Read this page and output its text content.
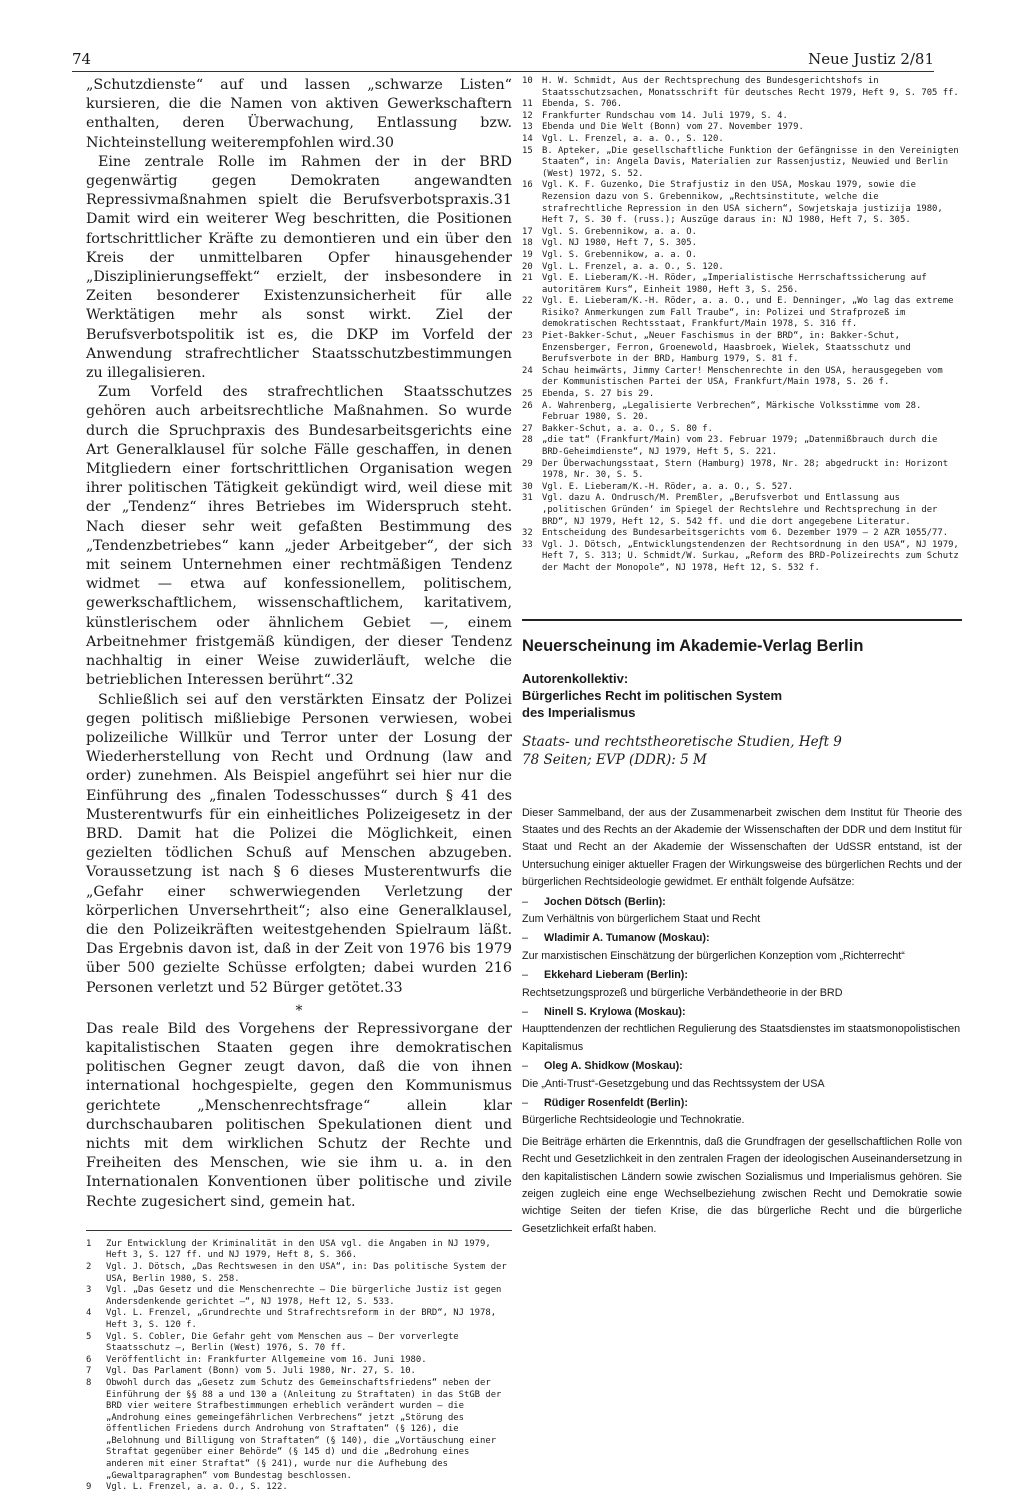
74	Neue Justiz 2/81

„Schutzdienste“ auf und lassen „schwarze Listen“ kursieren, die die Namen von aktiven Gewerkschaftern enthalten, deren Überwachung, Entlassung bzw. Nichteinstellung weiterempfohlen wird.30

Eine zentrale Rolle im Rahmen der in der BRD gegenwärtig gegen Demokraten angewandten Repressivmaßnahmen spielt die Berufsverbotspraxis.31 Damit wird ein weiterer Weg beschritten, die Positionen fortschrittlicher Kräfte zu demontieren und ein über den Kreis der unmittelbaren Opfer hinausgehender „Disziplinierungseffekt“ erzielt, der insbesondere in Zeiten besonderer Existenzunsicherheit für alle Werktätigen mehr als sonst wirkt. Ziel der Berufsverbotspolitik ist es, die DKP im Vorfeld der Anwendung strafrechtlicher Staatsschutzbestimmungen zu illegalisieren.

Zum Vorfeld des strafrechtlichen Staatsschutzes gehören auch arbeitsrechtliche Maßnahmen. So wurde durch die Spruchpraxis des Bundesarbeitsgerichts eine Art Generalklausel für solche Fälle geschaffen, in denen Mitgliedern einer fortschrittlichen Organisation wegen ihrer politischen Tätigkeit gekündigt wird, weil diese mit der „Tendenz“ ihres Betriebes im Widerspruch steht. Nach dieser sehr weit gefaßten Bestimmung des „Tendenzbetriebes“ kann „jeder Arbeitgeber“, der sich mit seinem Unternehmen einer rechtmäßigen Tendenz widmet — etwa auf konfessionellem, politischem, gewerkschaftlichem, wissenschaftlichem, karitativem, künstlerischem oder ähnlichem Gebiet —, einem Arbeitnehmer fristgemäß kündigen, der dieser Tendenz nachhaltig in einer Weise zuwiderläuft, welche die betrieblichen Interessen berührt“.32

Schließlich sei auf den verstärkten Einsatz der Polizei gegen politisch mißliebige Personen verwiesen, wobei polizeiliche Willkür und Terror unter der Losung der Wiederherstellung von Recht und Ordnung (law and order) zunehmen. Als Beispiel angeführt sei hier nur die Einführung des „finalen Todesschusses“ durch § 41 des Musterentwurfs für ein einheitliches Polizeigesetz in der BRD. Damit hat die Polizei die Möglichkeit, einen gezielten tödlichen Schuß auf Menschen abzugeben. Voraussetzung ist nach § 6 dieses Musterentwurfs die „Gefahr einer schwerwiegenden Verletzung der körperlichen Unversehrtheit“; also eine Generalklausel, die den Polizeikräften weitestgehenden Spielraum läßt. Das Ergebnis davon ist, daß in der Zeit von 1976 bis 1979 über 500 gezielte Schüsse erfolgten; dabei wurden 216 Personen verletzt und 52 Bürger getötet.33

*

Das reale Bild des Vorgehens der Repressivorgane der kapitalistischen Staaten gegen ihre demokratischen politischen Gegner zeugt davon, daß die von ihnen international hochgespielte, gegen den Kommunismus gerichtete „Menschenrechtsfrage“ allein klar durchschaubaren politischen Spekulationen dient und nichts mit dem wirklichen Schutz der Rechte und Freiheiten des Menschen, wie sie ihm u. a. in den Internationalen Konventionen über politische und zivile Rechte zugesichert sind, gemein hat.

1	Zur Entwicklung der Kriminalität in den USA vgl. die Angaben in NJ 1979, Heft 3, S. 127 ff. und NJ 1979, Heft 8, S. 366.
2	Vgl. J. Dötsch, „Das Rechtswesen in den USA“, in: Das politische System der USA, Berlin 1980, S. 258.
3	Vgl. „Das Gesetz und die Menschenrechte – Die bürgerliche Justiz ist gegen Andersdenkende gerichtet –“, NJ 1978, Heft 12, S. 533.
4	Vgl. L. Frenzel, „Grundrechte und Strafrechtsreform in der BRD“, NJ 1978, Heft 3, S. 120 f.
5	Vgl. S. Cobler, Die Gefahr geht vom Menschen aus – Der vorverlegte Staatsschutz –, Berlin (West) 1976, S. 70 ff.
6	Veröffentlicht in: Frankfurter Allgemeine vom 16. Juni 1980.
7	Vgl. Das Parlament (Bonn) vom 5. Juli 1980, Nr. 27, S. 10.
8	Obwohl durch das „Gesetz zum Schutz des Gemeinschaftsfriedens“ neben der Einführung der §§ 88 a und 130 a (Anleitung zu Straftaten) in das StGB der BRD vier weitere Strafbestimmungen erheblich verändert wurden – die „Androhung eines gemeingefährlichen Verbrechens“ jetzt „Störung des öffentlichen Friedens durch Androhung von Straftaten“ (§ 126), die „Belohnung und Billigung von Straftaten“ (§ 140), die „Vortäuschung einer Straftat gegenüber einer Behörde“ (§ 145 d) und die „Bedrohung eines anderen mit einer Straftat“ (§ 241), wurde nur die Aufhebung des „Gewaltparagraphen“ vom Bundestag beschlossen.
9	Vgl. L. Frenzel, a. a. O., S. 122.
10	H. W. Schmidt, Aus der Rechtsprechung des Bundesgerichtshofs in Staatsschutzsachen, Monatsschrift für deutsches Recht 1979, Heft 9, S. 705 ff.
11	Ebenda, S. 706.
12	Frankfurter Rundschau vom 14. Juli 1979, S. 4.
13	Ebenda und Die Welt (Bonn) vom 27. November 1979.
14	Vgl. L. Frenzel, a. a. O., S. 120.
15	B. Apteker, „Die gesellschaftliche Funktion der Gefängnisse in den Vereinigten Staaten“, in: Angela Davis, Materialien zur Rassenjustiz, Neuwied und Berlin (West) 1972, S. 52.
16	Vgl. K. F. Guzenko, Die Strafjustiz in den USA, Moskau 1979, sowie die Rezension dazu von S. Grebennikow, „Rechtsinstitute, welche die strafrechtliche Repression in den USA sichern“, Sowjetskaja justizija 1980, Heft 7, S. 30 f. (russ.); Auszüge daraus in: NJ 1980, Heft 7, S. 305.
17	Vgl. S. Grebennikow, a. a. O.
18	Vgl. NJ 1980, Heft 7, S. 305.
19	Vgl. S. Grebennikow, a. a. O.
20	Vgl. L. Frenzel, a. a. O., S. 120.
21	Vgl. E. Lieberam/K.-H. Röder, „Imperialistische Herrschaftssicherung auf autoritärem Kurs“, Einheit 1980, Heft 3, S. 256.
22	Vgl. E. Lieberam/K.-H. Röder, a. a. O., und E. Denninger, „Wo lag das extreme Risiko? Anmerkungen zum Fall Traube“, in: Polizei und Strafprozeß im demokratischen Rechtsstaat, Frankfurt/Main 1978, S. 316 ff.
23	Piet-Bakker-Schut, „Neuer Faschismus in der BRD“, in: Bakker-Schut, Enzensberger, Ferron, Groenewold, Haasbroek, Wielek, Staatsschutz und Berufsverbote in der BRD, Hamburg 1979, S. 81 f.
24	Schau heimwärts, Jimmy Carter! Menschenrechte in den USA, herausgegeben vom der Kommunistischen Partei der USA, Frankfurt/Main 1978, S. 26 f.
25	Ebenda, S. 27 bis 29.
26	A. Wahrenberg, „Legalisierte Verbrechen“, Märkische Volksstimme vom 28. Februar 1980, S. 20.
27	Bakker-Schut, a. a. O., S. 80 f.
28	„die tat“ (Frankfurt/Main) vom 23. Februar 1979; „Datenmißbrauch durch die BRD-Geheimdienste“, NJ 1979, Heft 5, S. 221.
29	Der Überwachungsstaat, Stern (Hamburg) 1978, Nr. 28; abgedruckt in: Horizont 1978, Nr. 30, S. 5.
30	Vgl. E. Lieberam/K.-H. Röder, a. a. O., S. 527.
31	Vgl. dazu A. Ondrusch/M. Premßler, „Berufsverbot und Entlassung aus ‚politischen Gründen‘ im Spiegel der Rechtslehre und Rechtsprechung in der BRD“, NJ 1979, Heft 12, S. 542 ff. und die dort angegebene Literatur.
32	Entscheidung des Bundesarbeitsgerichts vom 6. Dezember 1979 – 2 AZR 1055/77.
33	Vgl. J. Dötsch, „Entwicklungstendenzen der Rechtsordnung in den USA“, NJ 1979, Heft 7, S. 313; U. Schmidt/W. Surkau, „Reform des BRD-Polizeirechts zum Schutz der Macht der Monopole“, NJ 1978, Heft 12, S. 532 f.
Neuerscheinung im Akademie-Verlag Berlin
Autorenkollektiv:
Bürgerliches Recht im politischen System
des Imperialismus
Staats- und rechtstheoretische Studien, Heft 9
78 Seiten; EVP (DDR): 5 M
Dieser Sammelband, der aus der Zusammenarbeit zwischen dem Institut für Theorie des Staates und des Rechts an der Akademie der Wissenschaften der DDR und dem Institut für Staat und Recht an der Akademie der Wissenschaften der UdSSR entstand, ist der Untersuchung einiger aktueller Fragen der Wirkungsweise des bürgerlichen Rechts und der bürgerlichen Rechtsideologie gewidmet. Er enthält folgende Aufsätze:
–	Jochen Dötsch (Berlin):
Zum Verhältnis von bürgerlichem Staat und Recht
–	Wladimir A. Tumanow (Moskau):
Zur marxistischen Einschätzung der bürgerlichen Konzeption vom „Richterrecht“
–	Ekkehard Lieberam (Berlin):
Rechtsetzungsprozeß und bürgerliche Verbändetheorie in der BRD
–	Ninell S. Krylowa (Moskau):
Haupttendenzen der rechtlichen Regulierung des Staatsdienstes im staatsmonopolistischen Kapitalismus
–	Oleg A. Shidkow (Moskau):
Die „Anti-Trust“-Gesetzgebung und das Rechtssystem der USA
–	Rüdiger Rosenfeldt (Berlin):
Bürgerliche Rechtsideologie und Technokratie.
Die Beiträge erhärten die Erkenntnis, daß die Grundfragen der gesellschaftlichen Rolle von Recht und Gesetzlichkeit in den zentralen Fragen der ideologischen Auseinandersetzung in den kapitalistischen Ländern sowie zwischen Sozialismus und Imperialismus gehören. Sie zeigen zugleich eine enge Wechselbeziehung zwischen Recht und Demokratie sowie wichtige Seiten der tiefen Krise, die das bürgerliche Recht und die bürgerliche Gesetzlichkeit erfaßt haben.
